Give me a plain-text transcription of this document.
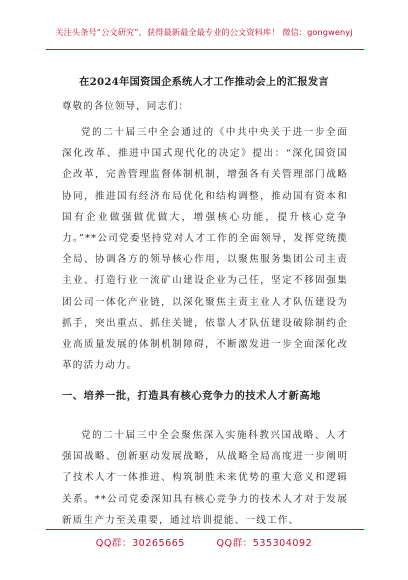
关注头条号“公文研究”，获得最新最全最专业的公文资料库！ 微信：gongwenyj
在2024年国资国企系统人才工作推动会上的汇报发言
尊敬的各位领导，同志们：
党的二十届三中全会通过的《中共中央关于进一步全面深化改革、推进中国式现代化的决定》提出：“深化国资国企改革，完善管理监督体制机制，增强各有关管理部门战略协同，推进国有经济布局优化和结构调整，推动国有资本和国有企业做强做优做大，增强核心功能，提升核心竞争力。”**公司党委坚持党对人才工作的全面领导，发挥党统揽全局、协调各方的领导核心作用，以聚焦服务集团公司主责主业、打造行业一流矿山建设企业为己任，坚定不移固强集团公司一体化产业链，以深化聚焦主责主业人才队伍建设为抓手，突出重点、抓住关键，依靠人才队伍建设破除制约企业高质量发展的体制机制障碍，不断激发进一步全面深化改革的活力动力。
一、培养一批，打造具有核心竞争力的技术人才新高地
党的二十届三中全会聚焦深入实施科教兴国战略、人才强国战略、创新驱动发展战略，从战略全局高度进一步阐明了技术人才一体推进、构筑制胜未来优势的重大意义和逻辑关系。**公司党委深知具有核心竞争力的技术人才对于发展新质生产力至关重要，通过培训提能、一线工作、
QQ群：30265665	QQ群：535304092
